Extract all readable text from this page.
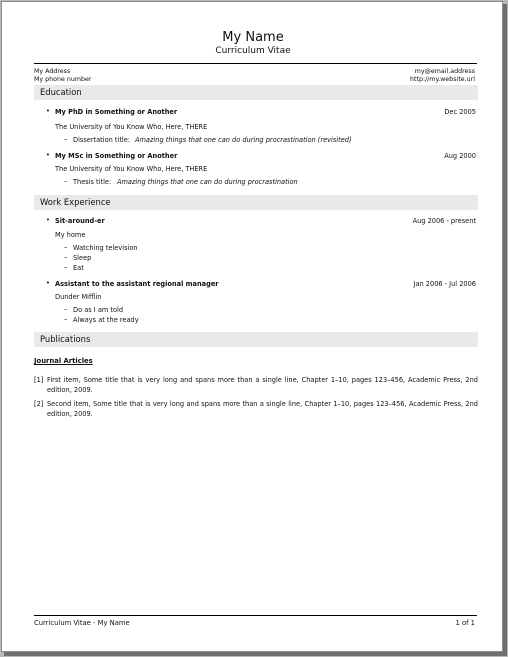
My Name
Curriculum Vitae
My Address
My phone number
my@email.address
http://my.website.url
Education
• My PhD in Something or Another	Dec 2005
The University of You Know Who, Here, THERE
– Dissertation title: Amazing things that one can do during procrastination (revisited)
• My MSc in Something or Another	Aug 2000
The University of You Know Who, Here, THERE
– Thesis title: Amazing things that one can do during procrastination
Work Experience
• Sit-around-er	Aug 2006 - present
My home
– Watching television
– Sleep
– Eat
• Assistant to the assistant regional manager	Jan 2006 - Jul 2006
Dunder Mifflin
– Do as I am told
– Always at the ready
Publications
Journal Articles
[1] First item, Some title that is very long and spans more than a single line, Chapter 1–10, pages 123–456, Academic Press, 2nd edition, 2009.
[2] Second item, Some title that is very long and spans more than a single line, Chapter 1–10, pages 123–456, Academic Press, 2nd edition, 2009.
Curriculum Vitae - My Name	1 of 1
